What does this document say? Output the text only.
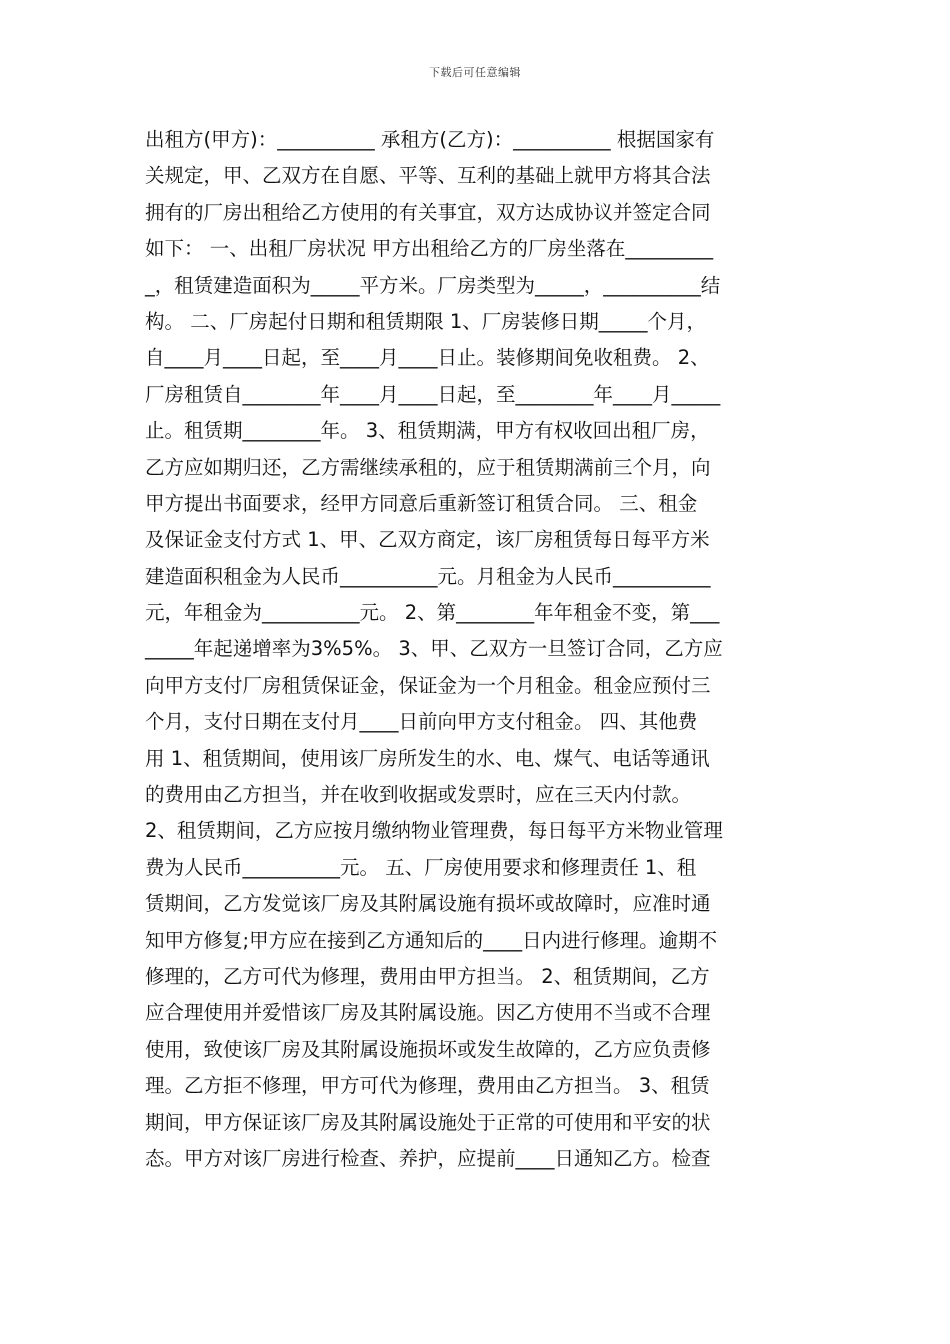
下载后可任意编辑
出租方(甲方)：__________ 承租方(乙方)：__________ 根据国家有
关规定，甲、乙双方在自愿、平等、互利的基础上就甲方将其合法
拥有的厂房出租给乙方使用的有关事宜，双方达成协议并签定合同
如下： 一、出租厂房状况 甲方出租给乙方的厂房坐落在_________
_，租赁建造面积为_____平方米。厂房类型为_____，__________结
构。 二、厂房起付日期和租赁期限 1、厂房装修日期_____个月，
自____月____日起，至____月____日止。装修期间免收租费。 2、
厂房租赁自________年____月____日起，至________年____月_____
止。租赁期________年。 3、租赁期满，甲方有权收回出租厂房，
乙方应如期归还，乙方需继续承租的，应于租赁期满前三个月，向
甲方提出书面要求，经甲方同意后重新签订租赁合同。 三、租金
及保证金支付方式 1、甲、乙双方商定，该厂房租赁每日每平方米
建造面积租金为人民币__________元。月租金为人民币__________
元，年租金为__________元。 2、第________年年租金不变，第___
_____年起递增率为3%5%。 3、甲、乙双方一旦签订合同，乙方应
向甲方支付厂房租赁保证金，保证金为一个月租金。租金应预付三
个月，支付日期在支付月____日前向甲方支付租金。 四、其他费
用 1、租赁期间，使用该厂房所发生的水、电、煤气、电话等通讯
的费用由乙方担当，并在收到收据或发票时，应在三天内付款。
2、租赁期间，乙方应按月缴纳物业管理费，每日每平方米物业管理
费为人民币__________元。 五、厂房使用要求和修理责任 1、租
赁期间，乙方发觉该厂房及其附属设施有损坏或故障时，应准时通
知甲方修复;甲方应在接到乙方通知后的____日内进行修理。逾期不
修理的，乙方可代为修理，费用由甲方担当。 2、租赁期间，乙方
应合理使用并爱惜该厂房及其附属设施。因乙方使用不当或不合理
使用，致使该厂房及其附属设施损坏或发生故障的，乙方应负责修
理。乙方拒不修理，甲方可代为修理，费用由乙方担当。 3、租赁
期间，甲方保证该厂房及其附属设施处于正常的可使用和平安的状
态。甲方对该厂房进行检查、养护，应提前____日通知乙方。检查
